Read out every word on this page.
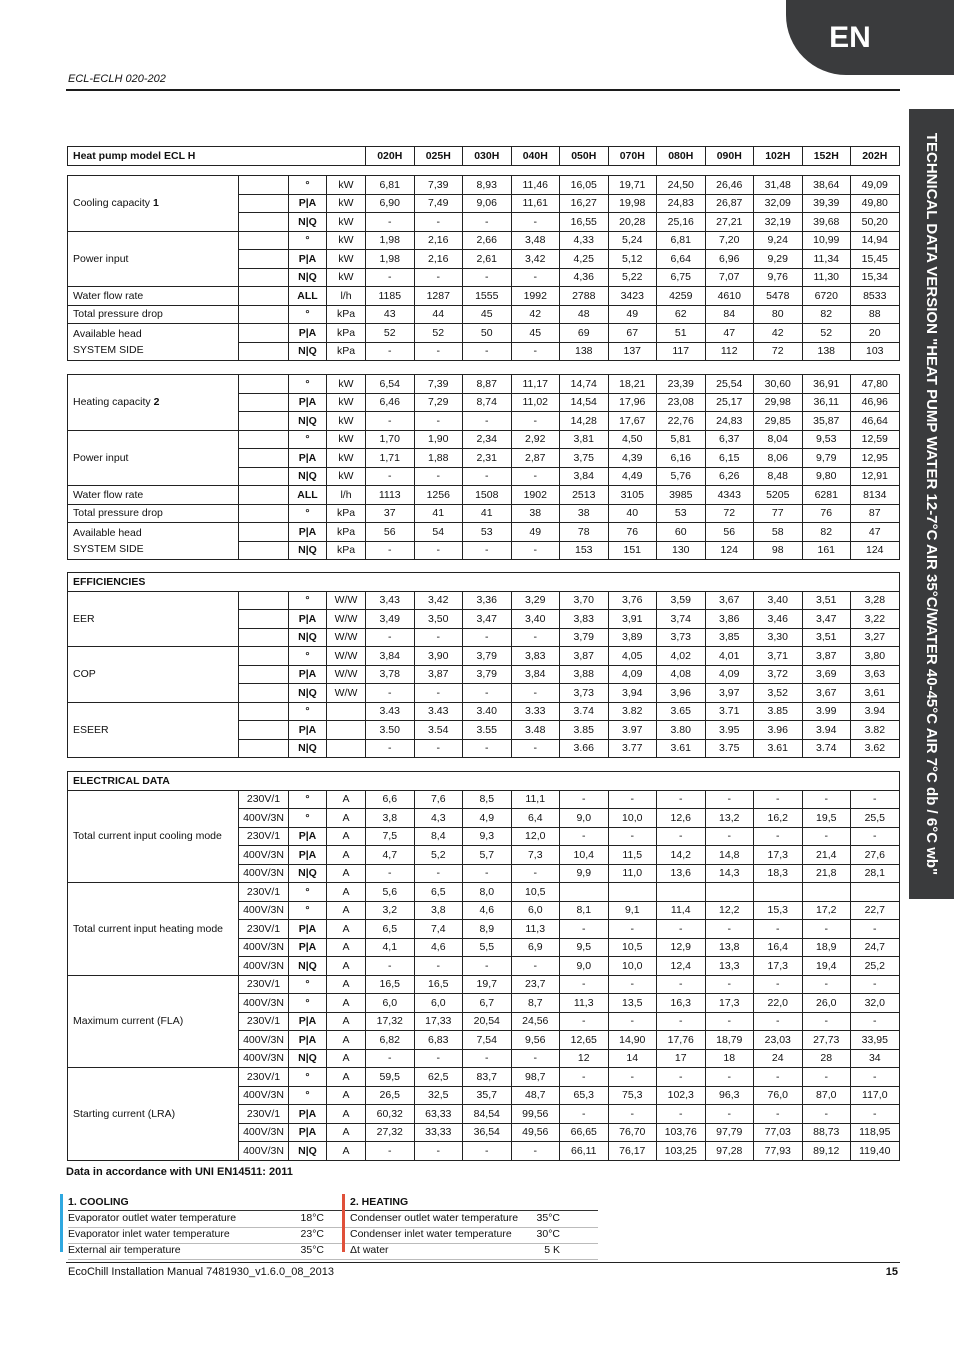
EN
ECL-ECLH 020-202
TECHNICAL DATA VERSION "HEAT PUMP WATER 12-7°C AIR 35°C/WATER 40-45°C AIR 7°C db / 6°C wb"
Heat pump model ECL H	020H	025H	030H	040H	050H	070H	080H	090H	102H	152H	202H
Cooling capacity 1		°	kW	6,81	7,39	8,93	11,46	16,05	19,71	24,50	26,46	31,48	38,64	49,09
		P|A	kW	6,90	7,49	9,06	11,61	16,27	19,98	24,83	26,87	32,09	39,39	49,80
		N|Q	kW	-	-	-	-	16,55	20,28	25,16	27,21	32,19	39,68	50,20
Power input		°	kW	1,98	2,16	2,66	3,48	4,33	5,24	6,81	7,20	9,24	10,99	14,94
		P|A	kW	1,98	2,16	2,61	3,42	4,25	5,12	6,64	6,96	9,29	11,34	15,45
		N|Q	kW	-	-	-	-	4,36	5,22	6,75	7,07	9,76	11,30	15,34
Water flow rate		ALL	l/h	1185	1287	1555	1992	2788	3423	4259	4610	5478	6720	8533
Total pressure drop		°	kPa	43	44	45	42	48	49	62	84	80	82	88

Available head
SYSTEM SIDE		P|A	kPa	52	52	50	45	69	67	51	47	42	52	20
		N|Q	kPa	-	-	-	-	138	137	117	112	72	138	103
Heating capacity 2		°	kW	6,54	7,39	8,87	11,17	14,74	18,21	23,39	25,54	30,60	36,91	47,80
		P|A	kW	6,46	7,29	8,74	11,02	14,54	17,96	23,08	25,17	29,98	36,11	46,96
		N|Q	kW	-	-	-	-	14,28	17,67	22,76	24,83	29,85	35,87	46,64
Power input		°	kW	1,70	1,90	2,34	2,92	3,81	4,50	5,81	6,37	8,04	9,53	12,59
		P|A	kW	1,71	1,88	2,31	2,87	3,75	4,39	6,16	6,15	8,06	9,79	12,95
		N|Q	kW	-	-	-	-	3,84	4,49	5,76	6,26	8,48	9,80	12,91
Water flow rate		ALL	l/h	1113	1256	1508	1902	2513	3105	3985	4343	5205	6281	8134
Total pressure drop		°	kPa	37	41	41	38	38	40	53	72	77	76	87

Available head
SYSTEM SIDE		P|A	kPa	56	54	53	49	78	76	60	56	58	82	47
		N|Q	kPa	-	-	-	-	153	151	130	124	98	161	124
EFFICIENCIES														
EER		°	W/W	3,43	3,42	3,36	3,29	3,70	3,76	3,59	3,67	3,40	3,51	3,28
		P|A	W/W	3,49	3,50	3,47	3,40	3,83	3,91	3,74	3,86	3,46	3,47	3,22
		N|Q	W/W	-	-	-	-	3,79	3,89	3,73	3,85	3,30	3,51	3,27
COP		°	W/W	3,84	3,90	3,79	3,83	3,87	4,05	4,02	4,01	3,71	3,87	3,80
		P|A	W/W	3,78	3,87	3,79	3,84	3,88	4,09	4,08	4,09	3,72	3,69	3,63
		N|Q	W/W	-	-	-	-	3,73	3,94	3,96	3,97	3,52	3,67	3,61
ESEER		°		3.43	3.43	3.40	3.33	3.74	3.82	3.65	3.71	3.85	3.99	3.94
		P|A		3.50	3.54	3.55	3.48	3.85	3.97	3.80	3.95	3.96	3.94	3.82
		N|Q		-	-	-	-	3.66	3.77	3.61	3.75	3.61	3.74	3.62
ELECTRICAL DATA														
Total current input cooling mode	230V/1	°	A	6,6	7,6	8,5	11,1	-	-	-	-	-	-	-
	400V/3N	°	A	3,8	4,3	4,9	6,4	9,0	10,0	12,6	13,2	16,2	19,5	25,5
	230V/1	P|A	A	7,5	8,4	9,3	12,0	-	-	-	-	-	-	-
	400V/3N	P|A	A	4,7	5,2	5,7	7,3	10,4	11,5	14,2	14,8	17,3	21,4	27,6
	400V/3N	N|Q	A	-	-	-	-	9,9	11,0	13,6	14,3	18,3	21,8	28,1
Total current input heating mode	230V/1	°	A	5,6	6,5	8,0	10,5							
	400V/3N	°	A	3,2	3,8	4,6	6,0	8,1	9,1	11,4	12,2	15,3	17,2	22,7
	230V/1	P|A	A	6,5	7,4	8,9	11,3	-	-	-	-	-	-	-
	400V/3N	P|A	A	4,1	4,6	5,5	6,9	9,5	10,5	12,9	13,8	16,4	18,9	24,7
	400V/3N	N|Q	A	-	-	-	-	9,0	10,0	12,4	13,3	17,3	19,4	25,2
Maximum current (FLA)	230V/1	°	A	16,5	16,5	19,7	23,7	-	-	-	-	-	-	-
	400V/3N	°	A	6,0	6,0	6,7	8,7	11,3	13,5	16,3	17,3	22,0	26,0	32,0
	230V/1	P|A	A	17,32	17,33	20,54	24,56	-	-	-	-	-	-	-
	400V/3N	P|A	A	6,82	6,83	7,54	9,56	12,65	14,90	17,76	18,79	23,03	27,73	33,95
	400V/3N	N|Q	A	-	-	-	-	12	14	17	18	24	28	34
Starting current (LRA)	230V/1	°	A	59,5	62,5	83,7	98,7	-	-	-	-	-	-	-
	400V/3N	°	A	26,5	32,5	35,7	48,7	65,3	75,3	102,3	96,3	76,0	87,0	117,0
	230V/1	P|A	A	60,32	63,33	84,54	99,56	-	-	-	-	-	-	-
	400V/3N	P|A	A	27,32	33,33	36,54	49,56	66,65	76,70	103,76	97,79	77,03	88,73	118,95
	400V/3N	N|Q	A	-	-	-	-	66,11	76,17	103,25	97,28	77,93	89,12	119,40
Data in accordance with UNI EN14511: 2011
1. COOLING
Evaporator outlet water temperature	18°C
Evaporator inlet water temperature	23°C
External air temperature	35°C
2. HEATING
Condenser outlet water temperature 35°C
Condenser inlet water temperature 30°C
Δt water	5 K
EcoChill Installation Manual 7481930_v1.6.0_08_2013	15
